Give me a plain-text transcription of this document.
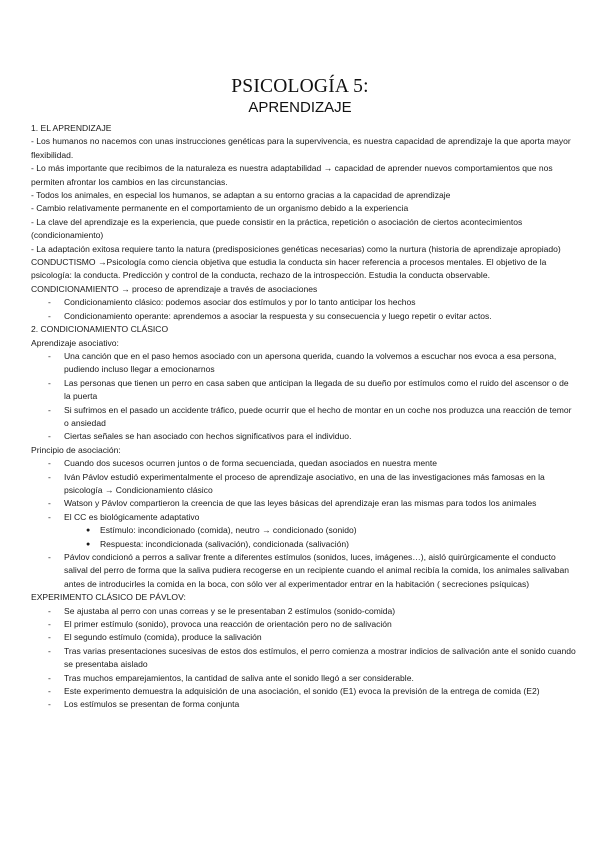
PSICOLOGÍA 5:
APRENDIZAJE
1. EL APRENDIZAJE
- Los humanos no nacemos con unas instrucciones genéticas para la supervivencia, es nuestra capacidad de aprendizaje la que aporta mayor flexibilidad.
- Lo más importante que recibimos de la naturaleza es nuestra adaptabilidad → capacidad de aprender nuevos comportamientos que nos permiten afrontar los cambios en las circunstancias.
- Todos los animales, en especial los humanos, se adaptan a su entorno gracias a la capacidad de aprendizaje
- Cambio relativamente permanente en el comportamiento de un organismo debido a la experiencia
- La clave del aprendizaje es la experiencia, que puede consistir en la práctica, repetición o asociación de ciertos acontecimientos (condicionamiento)
- La adaptación exitosa requiere tanto la natura (predisposiciones genéticas necesarias) como la nurtura (historia de aprendizaje apropiado)
CONDUCTISMO →Psicología como ciencia objetiva que estudia la conducta sin hacer referencia a procesos mentales. El objetivo de la psicología: la conducta. Predicción y control de la conducta, rechazo de la introspección. Estudia la conducta observable.
CONDICIONAMIENTO → proceso de aprendizaje a través de asociaciones
- Condicionamiento clásico: podemos asociar dos estímulos y por lo tanto anticipar los hechos
- Condicionamiento operante: aprendemos a asociar la respuesta y su consecuencia y luego repetir o evitar actos.
2. CONDICIONAMIENTO CLÁSICO
Aprendizaje asociativo:
- Una canción que en el paso hemos asociado con un apersona querida, cuando la volvemos a escuchar nos evoca a esa persona, pudiendo incluso llegar a emocionarnos
- Las personas que tienen un perro en casa saben que anticipan la llegada de su dueño por estímulos como el ruido del ascensor o de la puerta
- Si sufrimos en el pasado un accidente tráfico, puede ocurrir que el hecho de montar en un coche nos produzca una reacción de temor o ansiedad
- Ciertas señales se han asociado con hechos significativos para el individuo.
Principio de asociación:
- Cuando dos sucesos ocurren juntos o de forma secuenciada, quedan asociados en nuestra mente
- Iván Pávlov estudió experimentalmente el proceso de aprendizaje asociativo, en una de las investigaciones más famosas en la psicología → Condicionamiento clásico
- Watson y Pávlov compartieron la creencia de que las leyes básicas del aprendizaje eran las mismas para todos los animales
- El CC es biológicamente adaptativo
● Estímulo: incondicionado (comida), neutro → condicionado (sonido)
● Respuesta: incondicionada (salivación), condicionada (salivación)
- Pávlov condicionó a perros a salivar frente a diferentes estímulos (sonidos, luces, imágenes…), aisló quirúrgicamente el conducto salival del perro de forma que la saliva pudiera recogerse en un recipiente cuando el animal recibía la comida, los animales salivaban antes de introducirles la comida en la boca, con sólo ver al experimentador entrar en la habitación ( secreciones psíquicas)
EXPERIMENTO CLÁSICO DE PÁVLOV:
- Se ajustaba al perro con unas correas y se le presentaban 2 estímulos (sonido-comida)
- El primer estímulo (sonido), provoca una reacción de orientación pero no de salivación
- El segundo estímulo (comida), produce la salivación
- Tras varias presentaciones sucesivas de estos dos estímulos, el perro comienza a mostrar indicios de salivación ante el sonido cuando se presentaba aislado
- Tras muchos emparejamientos, la cantidad de saliva ante el sonido llegó a ser considerable.
- Este experimento demuestra la adquisición de una asociación, el sonido (E1) evoca la previsión de la entrega de comida (E2)
- Los estímulos se presentan de forma conjunta
